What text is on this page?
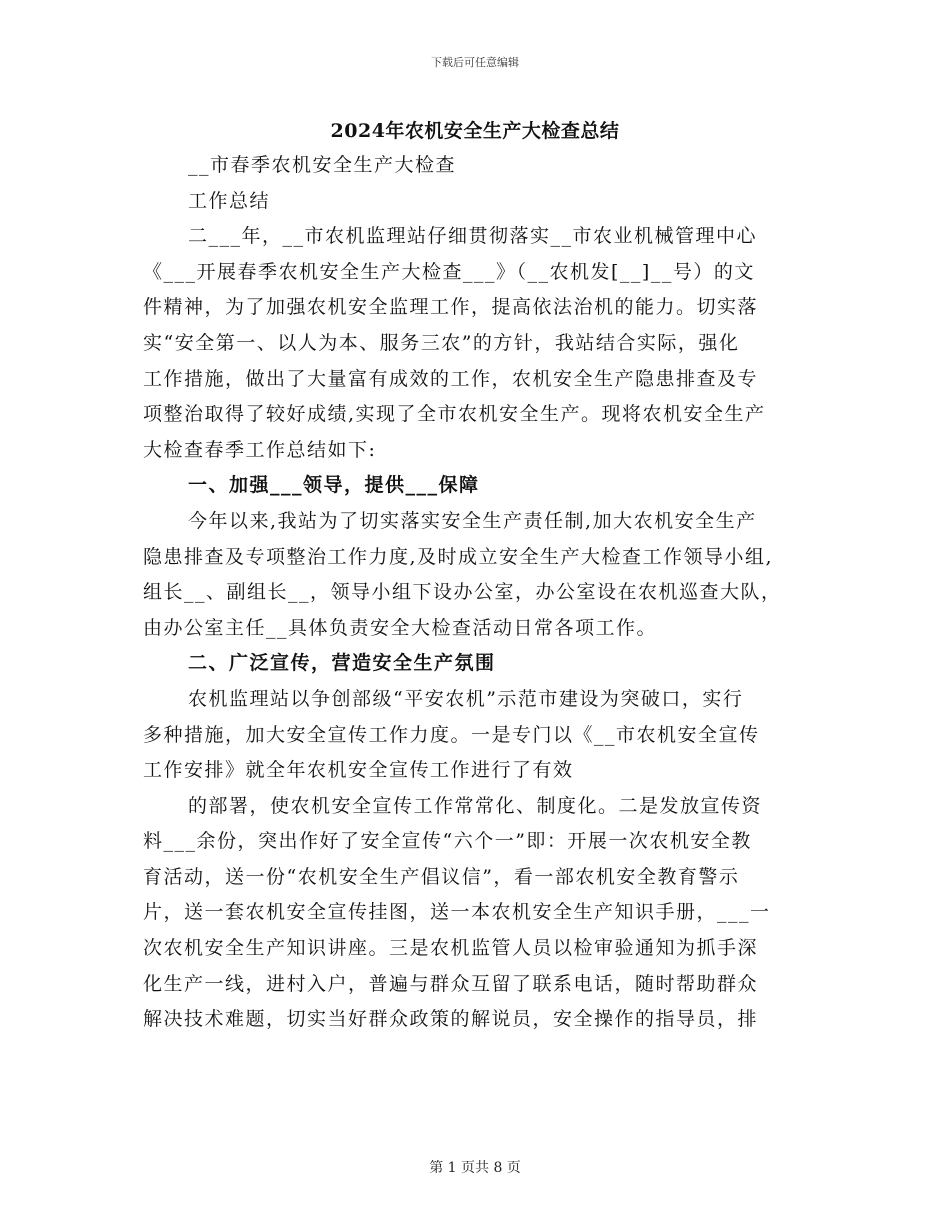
下载后可任意编辑
2024年农机安全生产大检查总结
__市春季农机安全生产大检查
工作总结
二___年，__市农机监理站仔细贯彻落实__市农业机械管理中心
《___开展春季农机安全生产大检查___》（__农机发[__]__号）的文
件精神，为了加强农机安全监理工作，提高依法治机的能力。切实落
实“安全第一、以人为本、服务三农”的方针，我站结合实际，强化
工作措施，做出了大量富有成效的工作，农机安全生产隐患排查及专
项整治取得了较好成绩,实现了全市农机安全生产。现将农机安全生产
大检查春季工作总结如下:
一、加强___领导，提供___保障
今年以来,我站为了切实落实安全生产责任制,加大农机安全生产
隐患排查及专项整治工作力度,及时成立安全生产大检查工作领导小组,
组长__、副组长__，领导小组下设办公室，办公室设在农机巡查大队，
由办公室主任__具体负责安全大检查活动日常各项工作。
二、广泛宣传，营造安全生产氛围
农机监理站以争创部级“平安农机”示范市建设为突破口，实行
多种措施，加大安全宣传工作力度。一是专门以《__市农机安全宣传
工作安排》就全年农机安全宣传工作进行了有效
的部署，使农机安全宣传工作常常化、制度化。二是发放宣传资
料___余份，突出作好了安全宣传“六个一”即：开展一次农机安全教
育活动，送一份“农机安全生产倡议信”，看一部农机安全教育警示
片，送一套农机安全宣传挂图，送一本农机安全生产知识手册，___一
次农机安全生产知识讲座。三是农机监管人员以检审验通知为抓手深
化生产一线，进村入户，普遍与群众互留了联系电话，随时帮助群众
解决技术难题，切实当好群众政策的解说员，安全操作的指导员，排
第 1 页共 8 页
